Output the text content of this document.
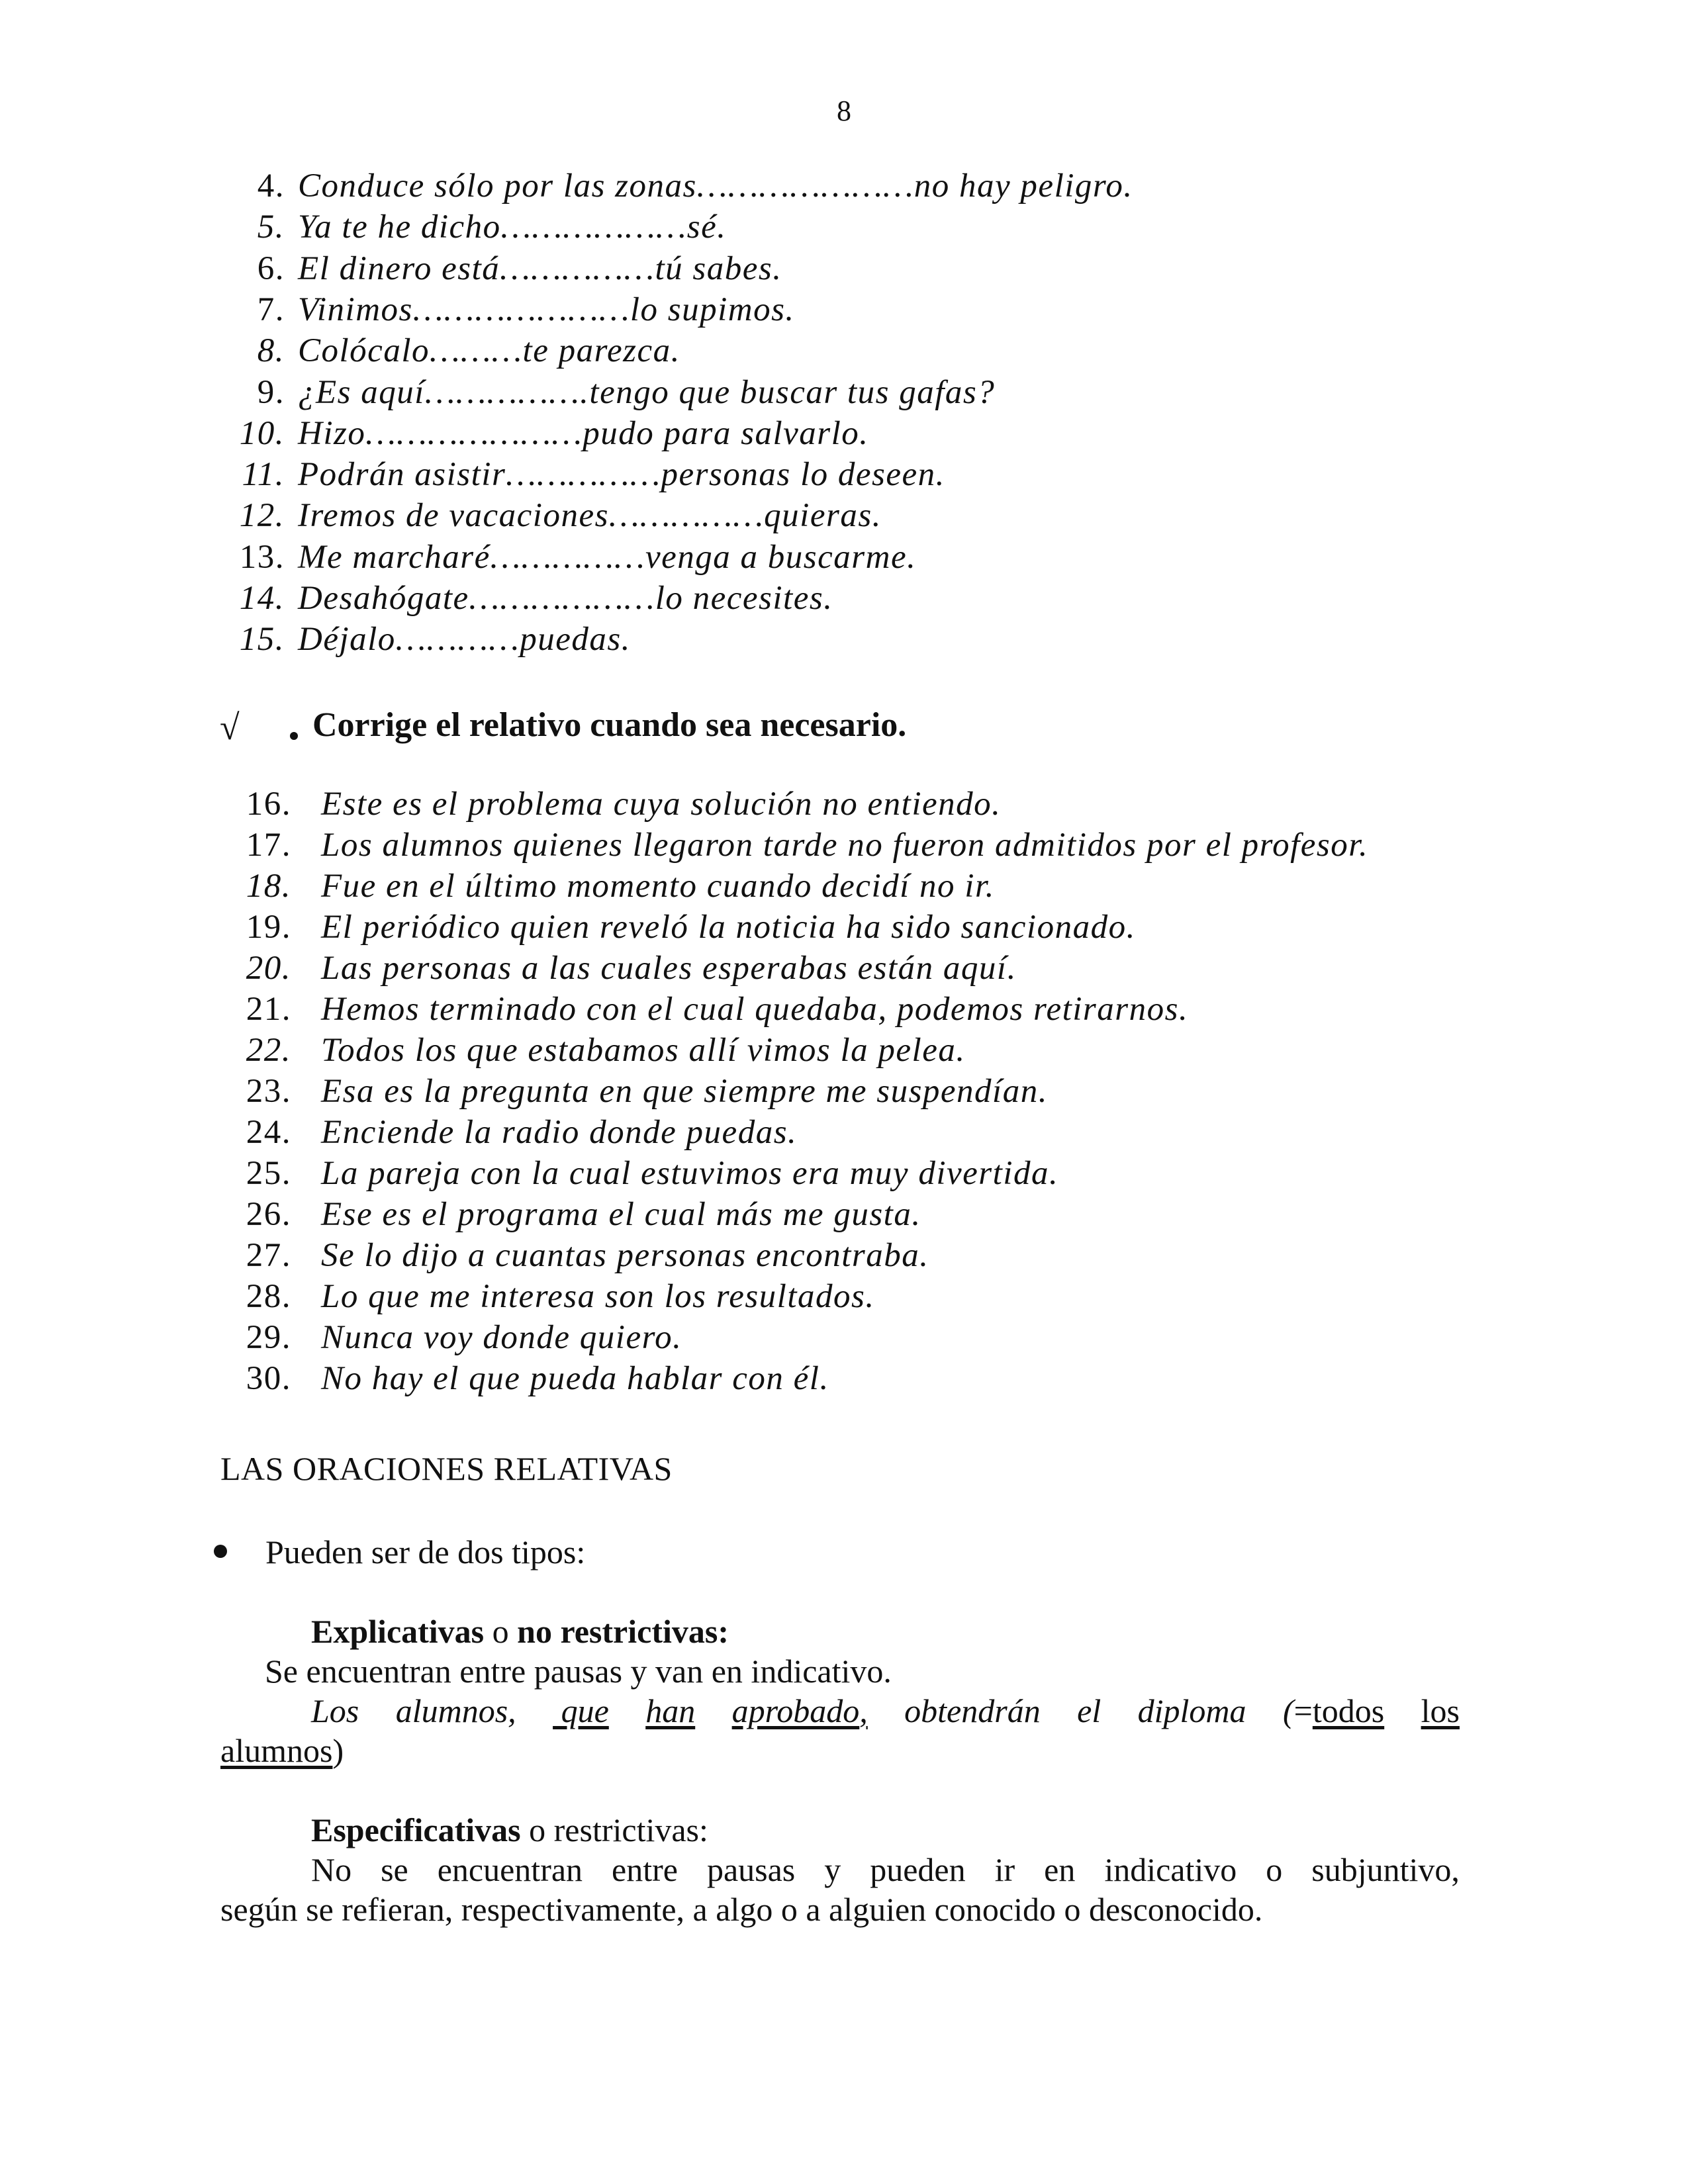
8
4. Conduce sólo por las zonas…………………no hay peligro.
5. Ya te he dicho………………sé.
6. El dinero está……………tú sabes.
7. Vinimos…………………lo supimos.
8. Colócalo………te parezca.
9. ¿Es aquí…………….tengo que buscar tus gafas?
10. Hizo…………………pudo para salvarlo.
11. Podrán asistir……………personas lo deseen.
12. Iremos de vacaciones……………quieras.
13. Me marcharé……………venga a buscarme.
14. Desahógate………………lo necesites.
15. Déjalo…………puedas.
√ Corrige el relativo cuando sea necesario.
16. Este es el problema cuya solución no entiendo.
17. Los alumnos quienes llegaron tarde no fueron admitidos por el profesor.
18. Fue en el último momento cuando decidí no ir.
19. El periódico quien reveló la noticia ha sido sancionado.
20. Las personas a las cuales esperabas están aquí.
21. Hemos terminado con el cual quedaba, podemos retirarnos.
22. Todos los que estabamos allí vimos la pelea.
23. Esa es la pregunta en que siempre me suspendían.
24. Enciende la radio donde puedas.
25. La pareja con la cual estuvimos era muy divertida.
26. Ese es el programa el cual más me gusta.
27. Se lo dijo a cuantas personas encontraba.
28. Lo que me interesa son los resultados.
29. Nunca voy donde quiero.
30. No hay el que pueda hablar con él.
LAS ORACIONES RELATIVAS
Pueden ser de dos tipos:
Explicativas o no restrictivas:
Se encuentran entre pausas y van en indicativo.
Los alumnos, que han aprobado, obtendrán el diploma (=todos los
alumnos)
Especificativas o restrictivas:
No se encuentran entre pausas y pueden ir en indicativo o subjuntivo,
según se refieran, respectivamente, a algo o a alguien conocido o desconocido.
